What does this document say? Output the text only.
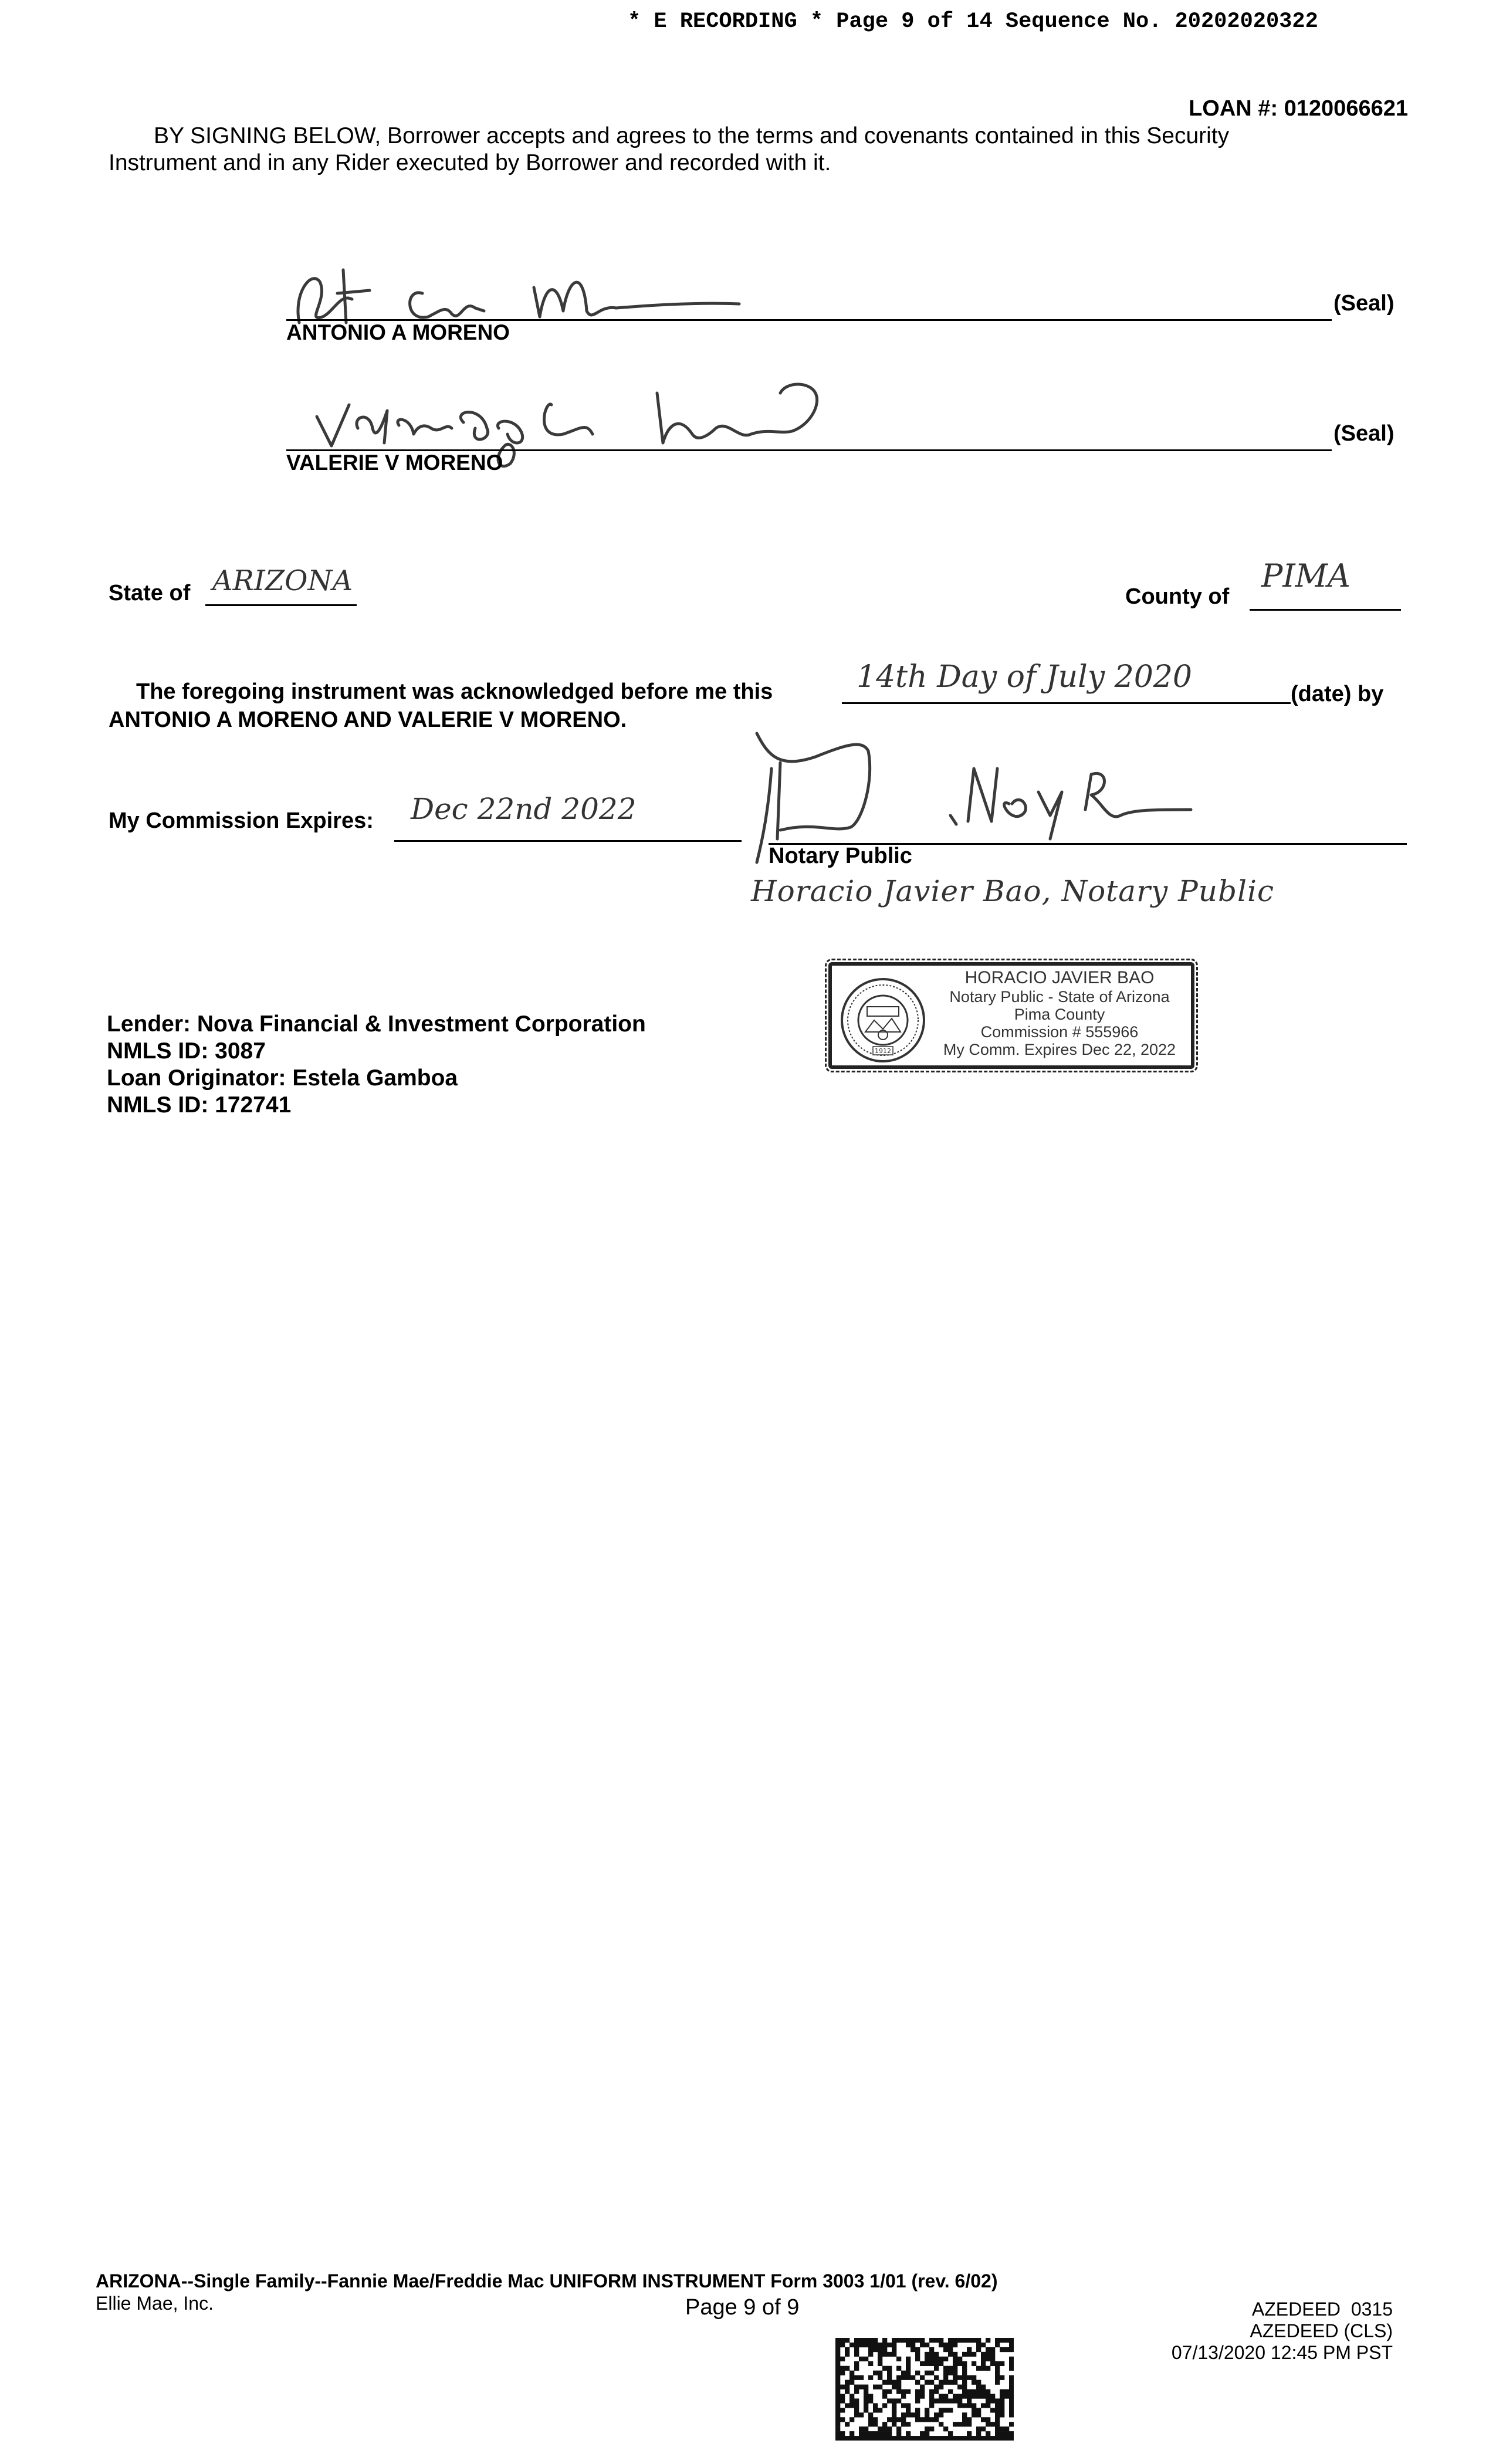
* E RECORDING * Page 9 of 14 Sequence No. 20202020322
LOAN #: 0120066621
BY SIGNING BELOW, Borrower accepts and agrees to the terms and covenants contained in this Security
Instrument and in any Rider executed by Borrower and recorded with it.
ANTONIO A MORENO
(Seal)
VALERIE V MORENO
(Seal)
State of ARIZONA	County of
PIMA
The foregoing instrument was acknowledged before me this	14th Day of July 2020	(date) by
ANTONIO A MORENO AND VALERIE V MORENO.
My Commission Expires: Dec 22nd 2022
Notary Public
Horacio Javier Bao, Notary Public
1912
HORACIO JAVIER BAO
Notary Public - State of Arizona
Pima County
Commission # 555966
My Comm. Expires Dec 22, 2022
Lender: Nova Financial & Investment Corporation
NMLS ID: 3087
Loan Originator: Estela Gamboa
NMLS ID: 172741
ARIZONA--Single Family--Fannie Mae/Freddie Mac UNIFORM INSTRUMENT Form 3003 1/01 (rev. 6/02)
Ellie Mae, Inc.	Page 9 of 9	AZEDEED  0315
AZEDEED (CLS)
07/13/2020 12:45 PM PST
